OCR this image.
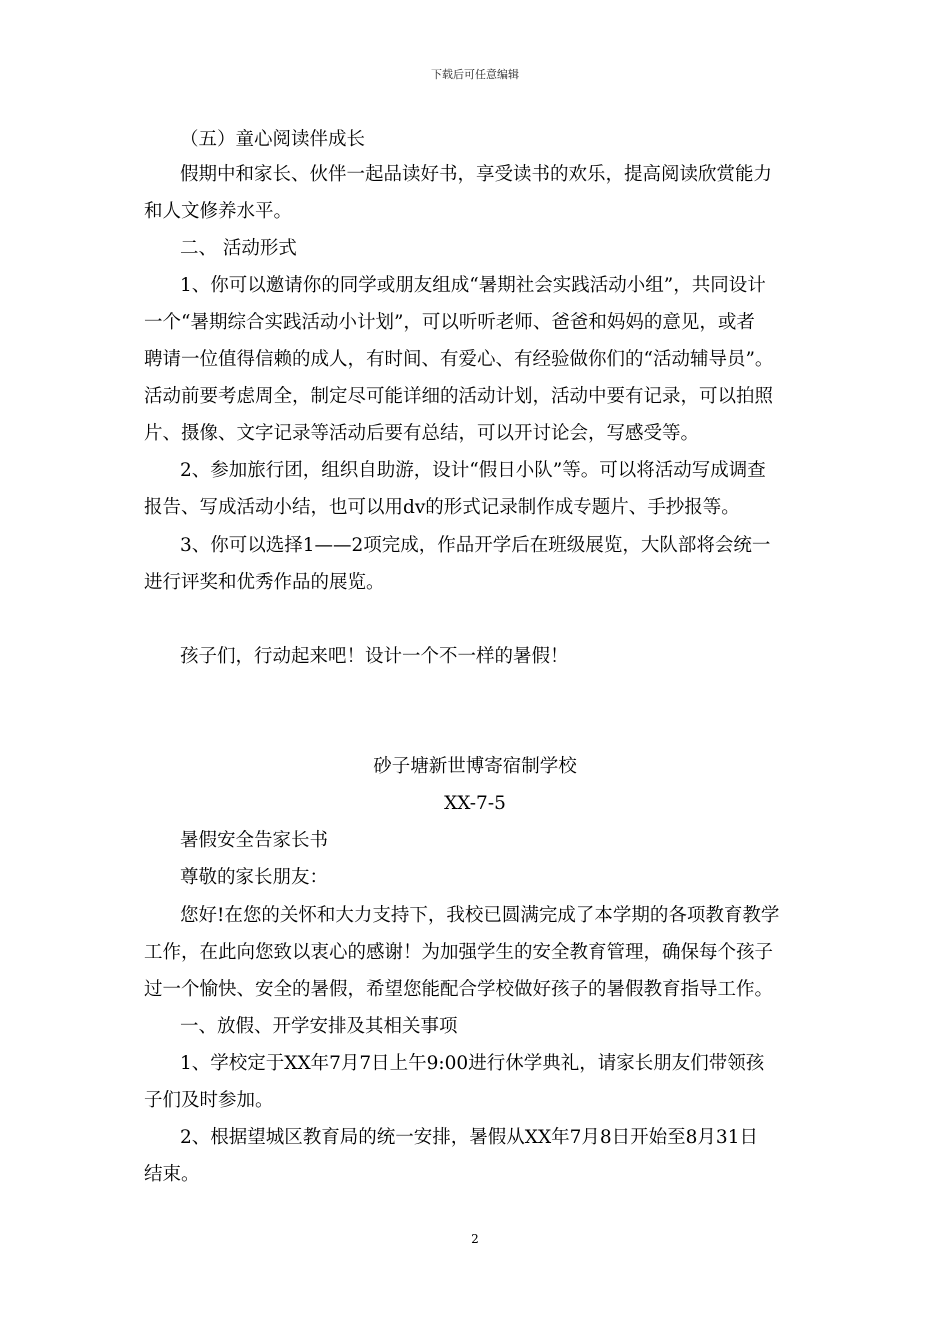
下载后可任意编辑
（五）童心阅读伴成长
假期中和家长、伙伴一起品读好书，享受读书的欢乐，提高阅读欣赏能力
和人文修养水平。
二、 活动形式
1、你可以邀请你的同学或朋友组成“暑期社会实践活动小组”，共同设计
一个“暑期综合实践活动小计划”，可以听听老师、爸爸和妈妈的意见，或者
聘请一位值得信赖的成人，有时间、有爱心、有经验做你们的“活动辅导员”。
活动前要考虑周全，制定尽可能详细的活动计划，活动中要有记录，可以拍照
片、摄像、文字记录等活动后要有总结，可以开讨论会，写感受等。
2、参加旅行团，组织自助游，设计“假日小队”等。可以将活动写成调查
报告、写成活动小结，也可以用dv的形式记录制作成专题片、手抄报等。
3、你可以选择1——2项完成，作品开学后在班级展览，大队部将会统一
进行评奖和优秀作品的展览。
孩子们，行动起来吧！设计一个不一样的暑假！
砂子塘新世博寄宿制学校
XX-7-5
暑假安全告家长书
尊敬的家长朋友：
您好!在您的关怀和大力支持下，我校已圆满完成了本学期的各项教育教学
工作，在此向您致以衷心的感谢！为加强学生的安全教育管理，确保每个孩子
过一个愉快、安全的暑假，希望您能配合学校做好孩子的暑假教育指导工作。
一、放假、开学安排及其相关事项
1、学校定于XX年7月7日上午9:00进行休学典礼，请家长朋友们带领孩
子们及时参加。
2、根据望城区教育局的统一安排，暑假从XX年7月8日开始至8月31日
结束。
2
